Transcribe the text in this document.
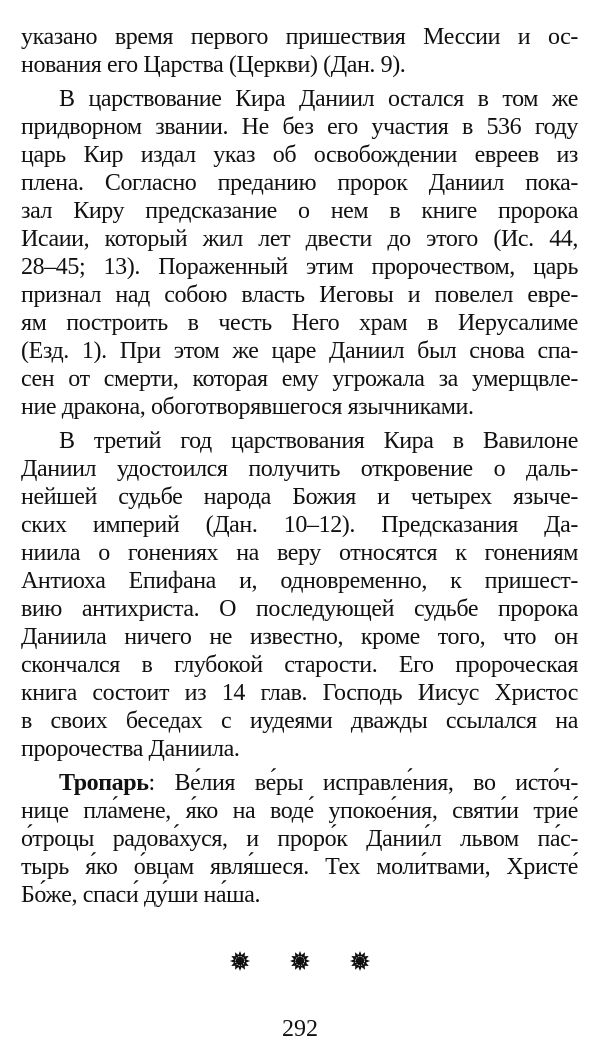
указано время первого пришествия Мессии и ос-
нования его Царства (Церкви) (Дан. 9).
В царствование Кира Даниил остался в том же
придворном звании. Не без его участия в 536 году
царь Кир издал указ об освобождении евреев из
плена. Согласно преданию пророк Даниил пока-
зал Киру предсказание о нем в книге пророка
Исаии, который жил лет двести до этого (Ис. 44,
28–45; 13). Пораженный этим пророчеством, царь
признал над собою власть Иеговы и повелел евре-
ям построить в честь Него храм в Иерусалиме
(Езд. 1). При этом же царе Даниил был снова спа-
сен от смерти, которая ему угрожала за умерщвле-
ние дракона, обоготворявшегося язычниками.
В третий год царствования Кира в Вавилоне
Даниил удостоился получить откровение о даль-
нейшей судьбе народа Божия и четырех языче-
ских империй (Дан. 10–12). Предсказания Да-
ниила о гонениях на веру относятся к гонениям
Антиоха Епифана и, одновременно, к пришест-
вию антихриста. О последующей судьбе пророка
Даниила ничего не известно, кроме того, что он
скончался в глубокой старости. Его пророческая
книга состоит из 14 глав. Господь Иисус Христос
в своих беседах с иудеями дважды ссылался на
пророчества Даниила.
Тропарь: Ве́лия ве́ры исправле́ния, во исто́ч-
нице пла́мене, я́ко на воде́ упокое́ния, святи́и трие́
о́троцы радова́хуся, и проро́к Дании́л львом па́с-
тырь я́ко о́вцам явля́шеся. Тех моли́твами, Христе́
Бо́же, спаси́ ду́ши на́ша.
292
